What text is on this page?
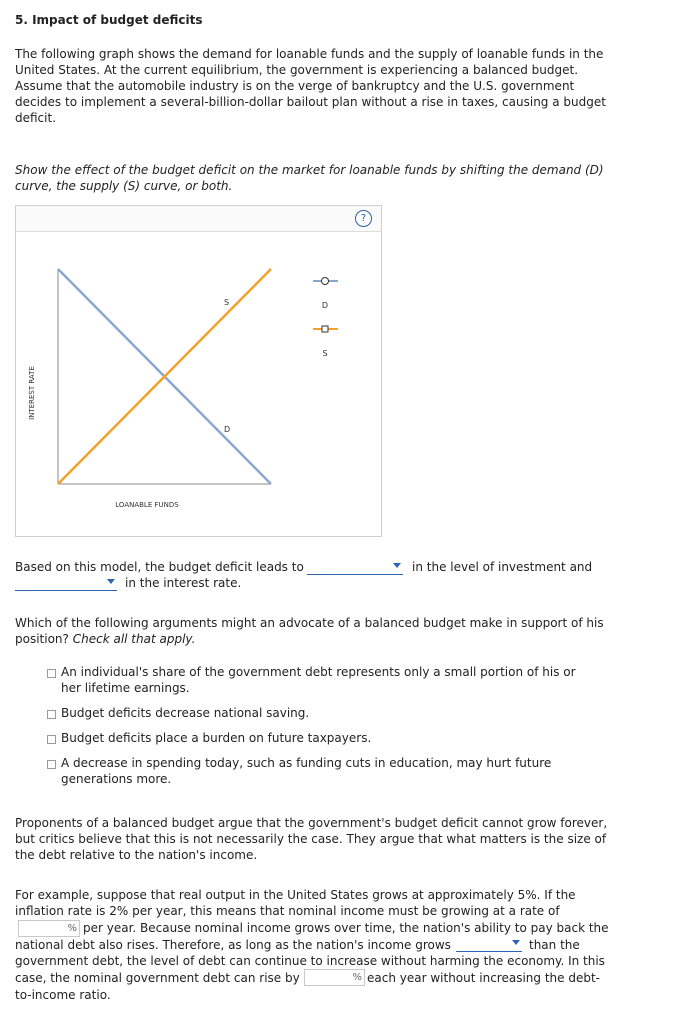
5. Impact of budget deficits
The following graph shows the demand for loanable funds and the supply of loanable funds in the
United States. At the current equilibrium, the government is experiencing a balanced budget.
Assume that the automobile industry is on the verge of bankruptcy and the U.S. government
decides to implement a several-billion-dollar bailout plan without a rise in taxes, causing a budget
deficit.
Show the effect of the budget deficit on the market for loanable funds by shifting the demand (D)
curve, the supply (S) curve, or both.
?
S
D
INTEREST RATE
LOANABLE FUNDS
D
S
Based on this model, the budget deficit leads to	in the level of investment and
in the interest rate.
Which of the following arguments might an advocate of a balanced budget make in support of his
position? Check all that apply.
An individual's share of the government debt represents only a small portion of his or
her lifetime earnings.
Budget deficits decrease national saving.
Budget deficits place a burden on future taxpayers.
A decrease in spending today, such as funding cuts in education, may hurt future
generations more.
Proponents of a balanced budget argue that the government's budget deficit cannot grow forever,
but critics believe that this is not necessarily the case. They argue that what matters is the size of
the debt relative to the nation's income.
For example, suppose that real output in the United States grows at approximately 5%. If the
inflation rate is 2% per year, this means that nominal income must be growing at a rate of
% per year. Because nominal income grows over time, the nation's ability to pay back the
national debt also rises. Therefore, as long as the nation's income grows	than the
government debt, the level of debt can continue to increase without harming the economy. In this
case, the nominal government debt can rise by	% each year without increasing the debt-
to-income ratio.
